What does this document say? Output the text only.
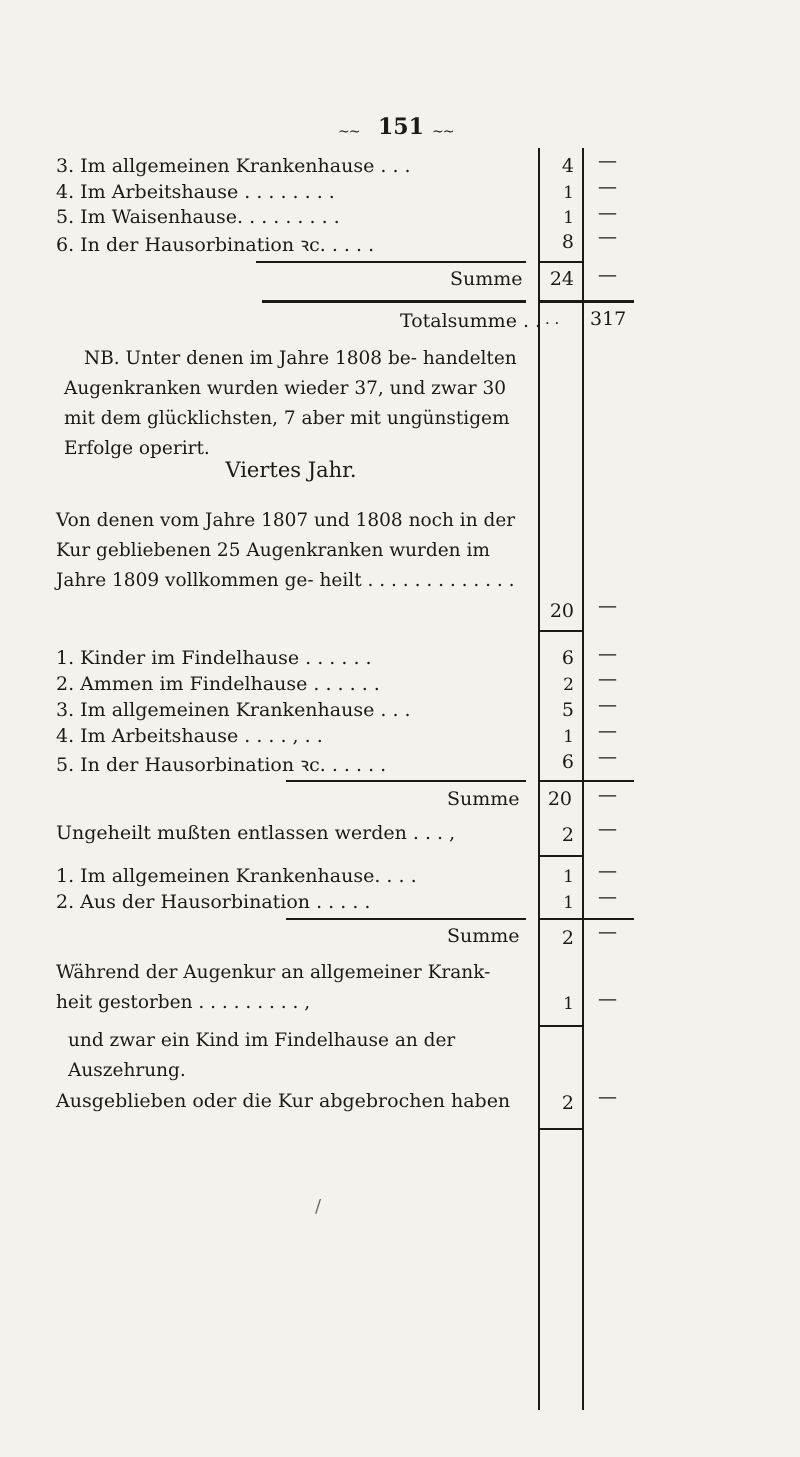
~~ 151 ~~
3. Im allgemeinen Krankenhause . . .	4 —
4. Im Arbeitshause . . . . . . . .	1 —
5. Im Waisenhause. . . . . . . . .	1 —
6. In der Hausorbination ꝛc. . . . .	8 —
Summe 24 —
Totalsumme . . . . 317
NB. Unter denen im Jahre 1808 be- handelten Augenkranken wurden wieder 37, und zwar 30 mit dem glücklichsten, 7 aber mit ungünstigem Erfolge operirt.
Viertes Jahr.
Von denen vom Jahre 1807 und 1808 noch in der Kur gebliebenen 25 Augenkranken wurden im Jahre 1809 vollkommen ge- heilt . . . . . . . . . . . . .
20 —
1. Kinder im Findelhause . . . . . .	6 —
2. Ammen im Findelhause . . . . . .	2 —
3. Im allgemeinen Krankenhause . . .	5 —
4. Im Arbeitshause . . . . , . .	1 —
5. In der Hausorbination ꝛc. . . . . .	6 —
Summe 20 —
Ungeheilt mußten entlassen werden . . . ,	2 —
1. Im allgemeinen Krankenhause. . . .	1 —
2. Aus der Hausorbination . . . . .	1 —
Summe	2 —
Während der Augenkur an allgemeiner Krank- heit gestorben . . . . . . . . . ,	1 —
und zwar ein Kind im Findelhause an der Auszehrung.
Ausgeblieben oder die Kur abgebrochen haben	2 —
/
